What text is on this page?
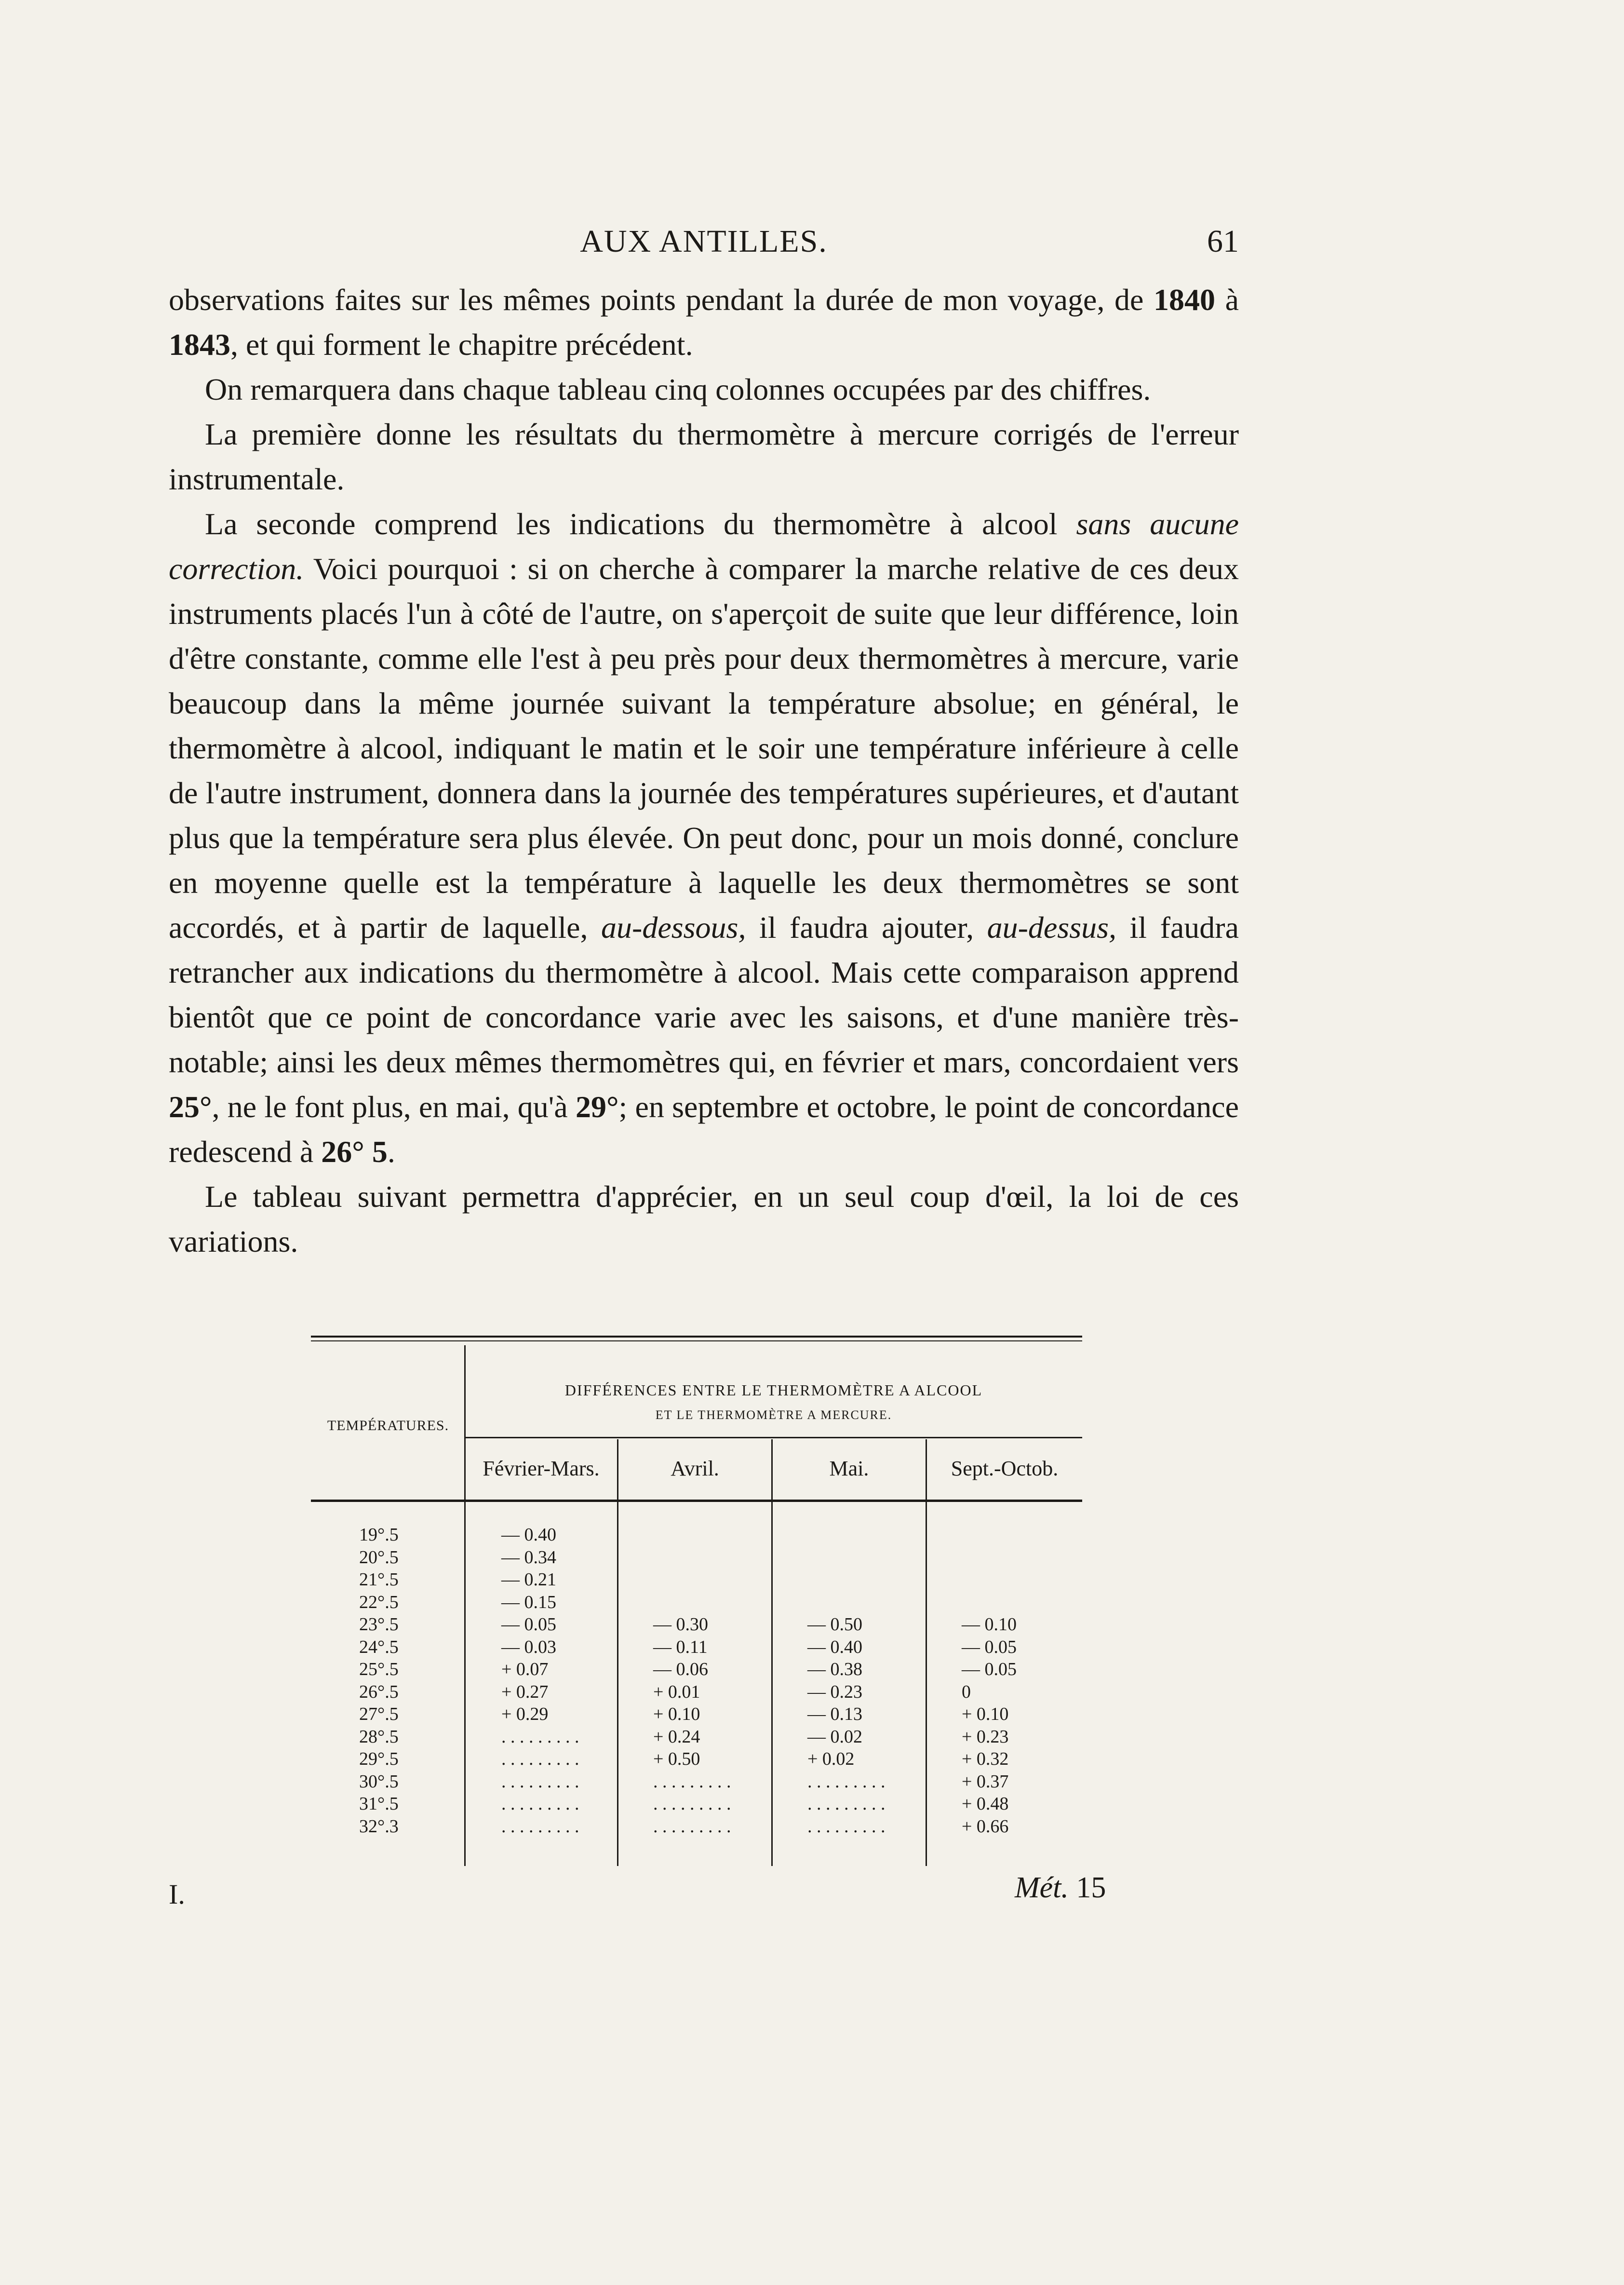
AUX ANTILLES.	61

observations faites sur les mêmes points pendant la durée de mon voyage, de 1840 à 1843, et qui forment le chapitre précédent.

On remarquera dans chaque tableau cinq colonnes occupées par des chiffres.

La première donne les résultats du thermomètre à mercure corrigés de l'erreur instrumentale.

La seconde comprend les indications du thermomètre à alcool sans aucune correction. Voici pourquoi : si on cherche à comparer la marche relative de ces deux instruments placés l'un à côté de l'autre, on s'aperçoit de suite que leur différence, loin d'être constante, comme elle l'est à peu près pour deux thermomètres à mercure, varie beaucoup dans la même journée suivant la température absolue; en général, le thermomètre à alcool, indiquant le matin et le soir une température inférieure à celle de l'autre instrument, donnera dans la journée des températures supérieures, et d'autant plus que la température sera plus élevée. On peut donc, pour un mois donné, conclure en moyenne quelle est la température à laquelle les deux thermomètres se sont accordés, et à partir de laquelle, au-dessous, il faudra ajouter, au-dessus, il faudra retrancher aux indications du thermomètre à alcool. Mais cette comparaison apprend bientôt que ce point de concordance varie avec les saisons, et d'une manière très-notable; ainsi les deux mêmes thermomètres qui, en février et mars, concordaient vers 25°, ne le font plus, en mai, qu'à 29°; en septembre et octobre, le point de concordance redescend à 26° 5.

Le tableau suivant permettra d'apprécier, en un seul coup d'œil, la loi de ces variations.

DIFFÉRENCES ENTRE LE THERMOMÈTRE A ALCOOL
ET LE THERMOMÈTRE A MERCURE.
TEMPÉRATURES.
Février-Mars.	Avril.	Mai.	Sept.-Octob.
19°.5	— 0.40
20°.5	— 0.34
21°.5	— 0.21
22°.5	— 0.15
23°.5	— 0.05	— 0.30	— 0.50	— 0.10
24°.5	— 0.03	— 0.11	— 0.40	— 0.05
25°.5	+ 0.07	— 0.06	— 0.38	— 0.05
26°.5	+ 0.27	+ 0.01	— 0.23	0
27°.5	+ 0.29	+ 0.10	— 0.13	+ 0.10
28°.5	. . . . . . . . .	+ 0.24	— 0.02	+ 0.23
29°.5	. . . . . . . . .	+ 0.50	+ 0.02	+ 0.32
30°.5	. . . . . . . . .	. . . . . . . . .	. . . . . . . . .	+ 0.37
31°.5	. . . . . . . . .	. . . . . . . . .	. . . . . . . . .	+ 0.48
32°.3	. . . . . . . . .	. . . . . . . . .	. . . . . . . . .	+ 0.66
I.	Mét. 15
